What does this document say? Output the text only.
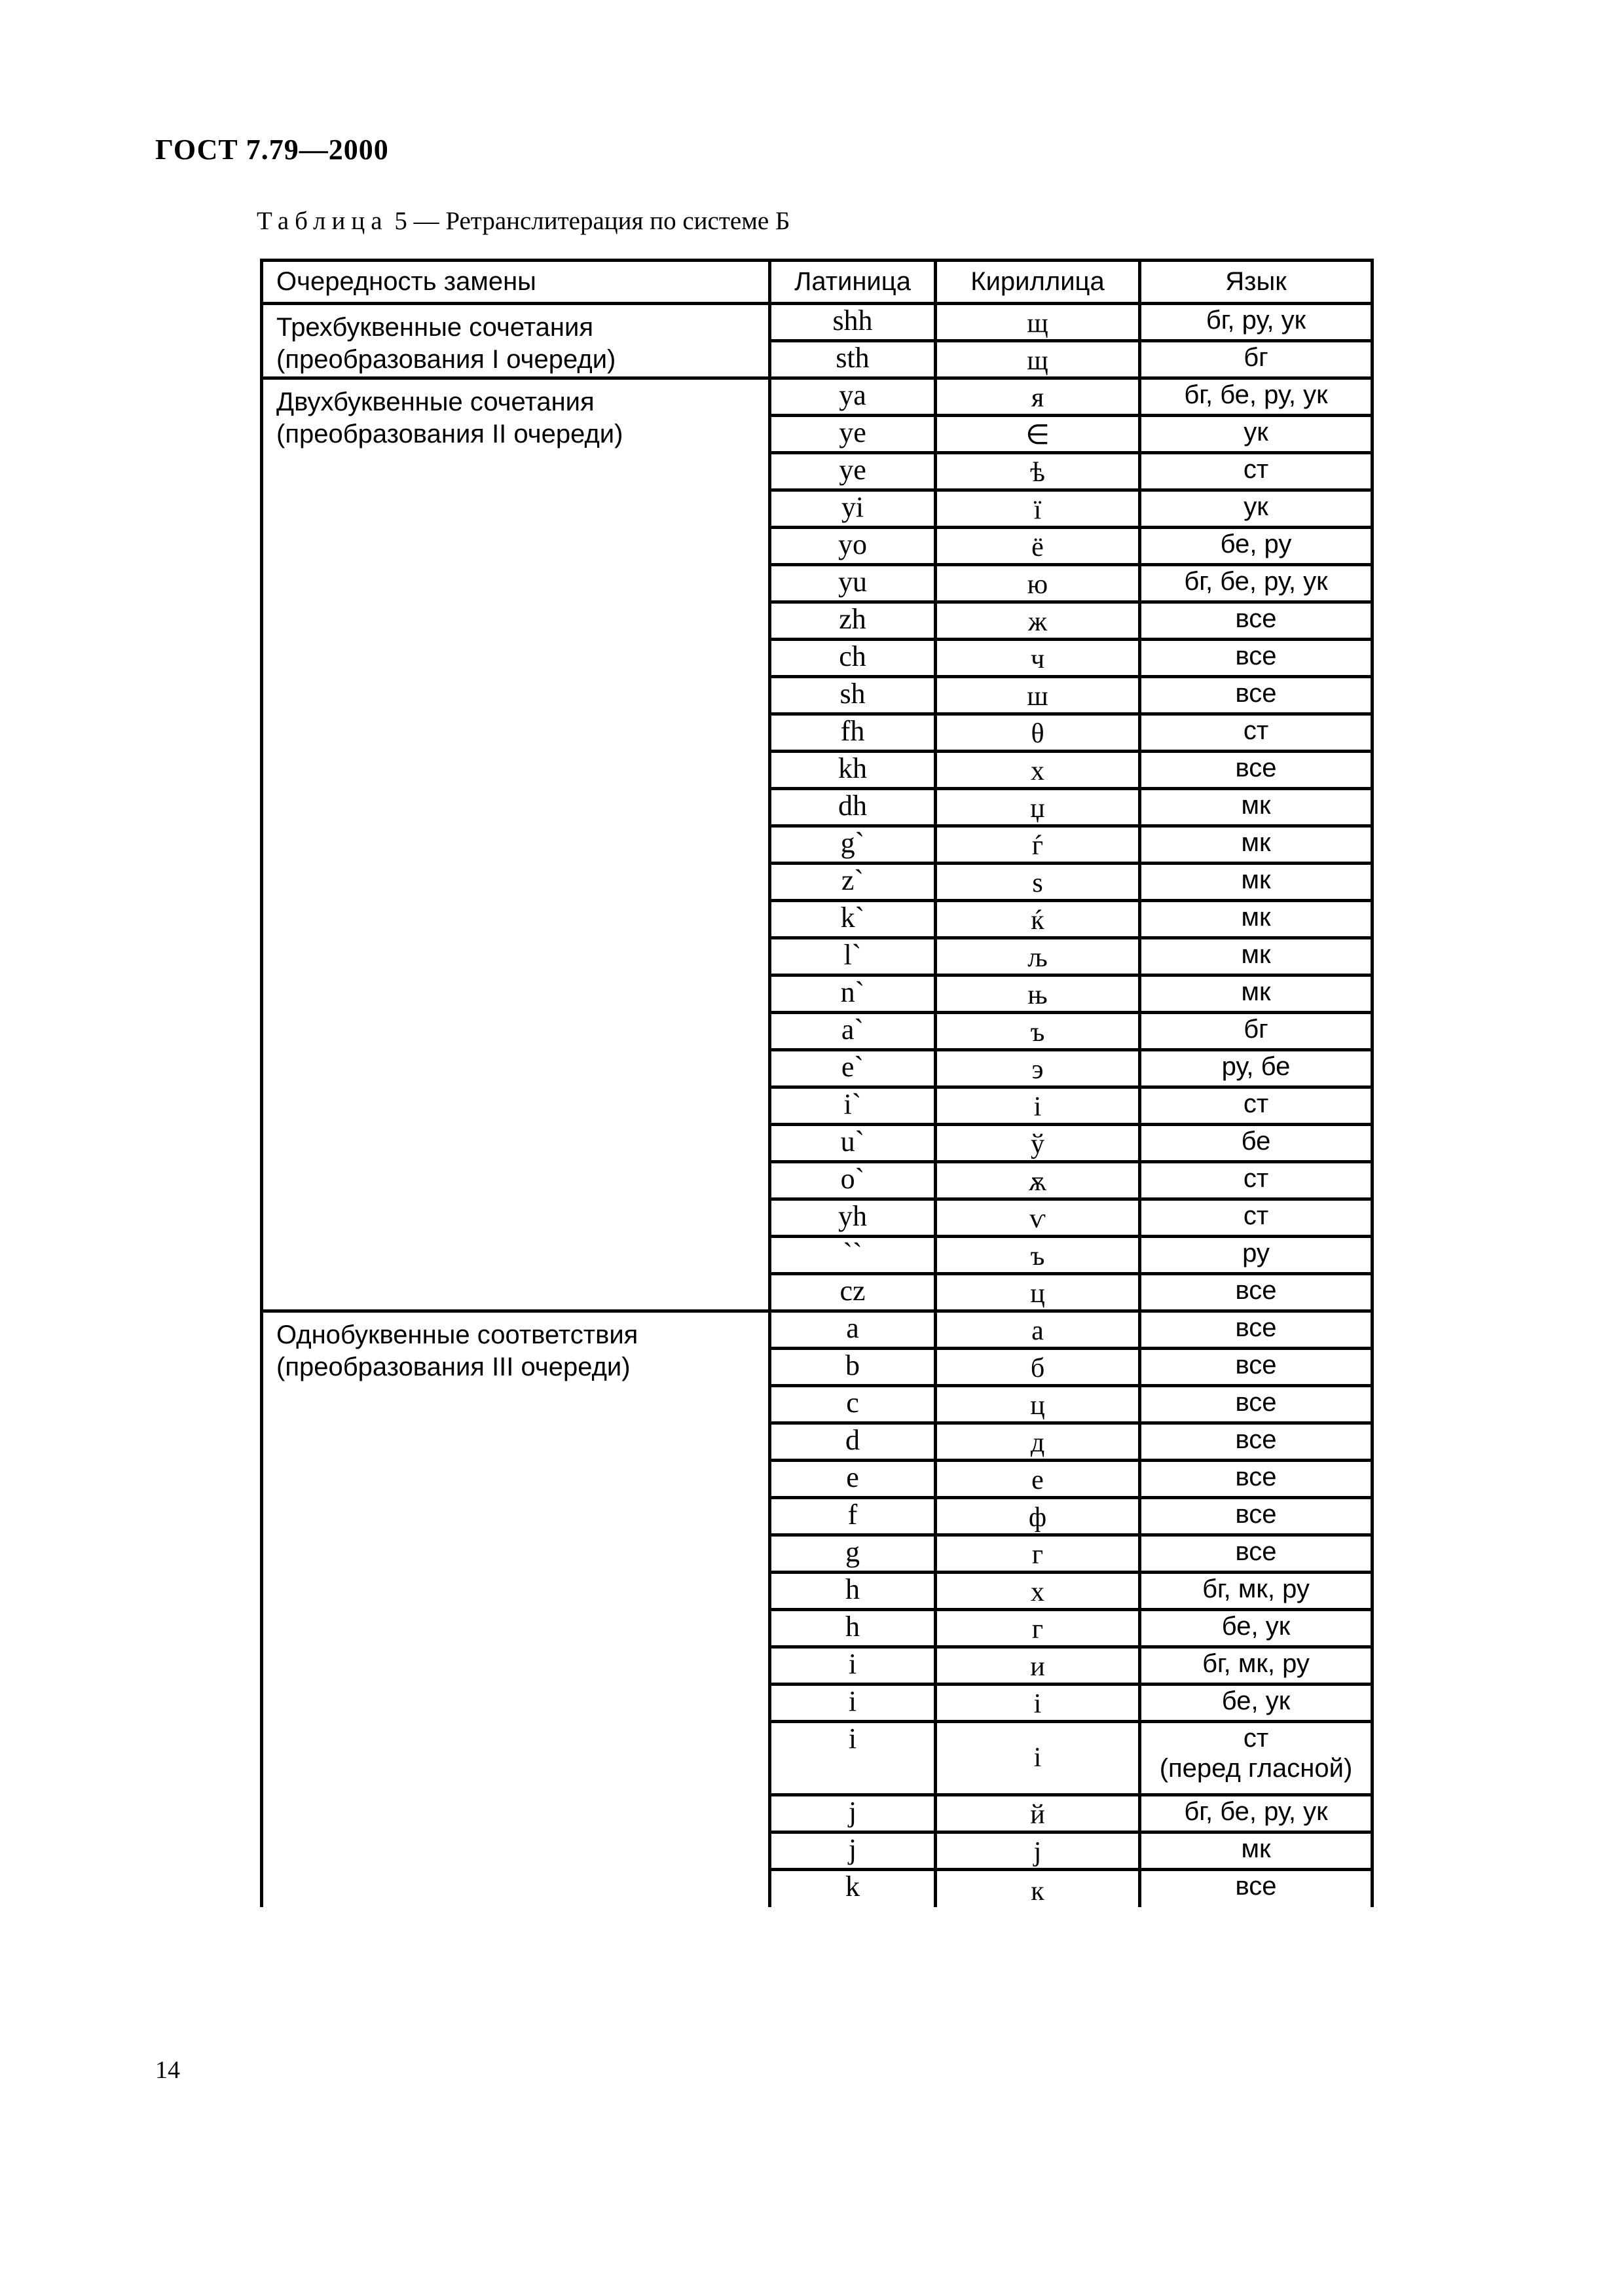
ГОСТ 7.79—2000
Таблица 5 — Ретранслитерация по системе Б
Очередность замены	Латиница	Кириллица	Язык

Трехбуквенные сочетания
(преобразования I очереди)	shh	щ	бг, ру, ук
	sth	щ	бг

Двухбуквенные сочетания
(преобразования II очереди)	ya	я	бг, бе, ру, ук
	ye	∈	ук
	ye	ѣ	ст
	yi	ї	ук
	yo	ё	бе, ру
	yu	ю	бг, бе, ру, ук
	zh	ж	все
	ch	ч	все
	sh	ш	все
	fh	θ	ст
	kh	х	все
	dh	џ	мк
	g`	ѓ	мк
	z`	ѕ	мк
	k`	ќ	мк
	l`	љ	мк
	n`	њ	мк
	a`	ъ	бг
	e`	э	ру, бе
	i`	і	ст
	u`	ў	бе
	o`	ѫ	ст
	yh	ѵ	ст
	``	ъ	ру
	cz	ц	все

Однобуквенные соответствия
(преобразования III очереди)	a	а	все
	b	б	все
	c	ц	все
	d	д	все
	e	е	все
	f	ф	все
	g	г	все
	h	х	бг, мк, ру
	h	г	бе, ук
	i	и	бг, мк, ру
	i	і	бе, ук
	i	і	ст
(перед гласной)

	j	й	бг, бе, ру, ук
	j	ј	мк
	k	к	все
14
